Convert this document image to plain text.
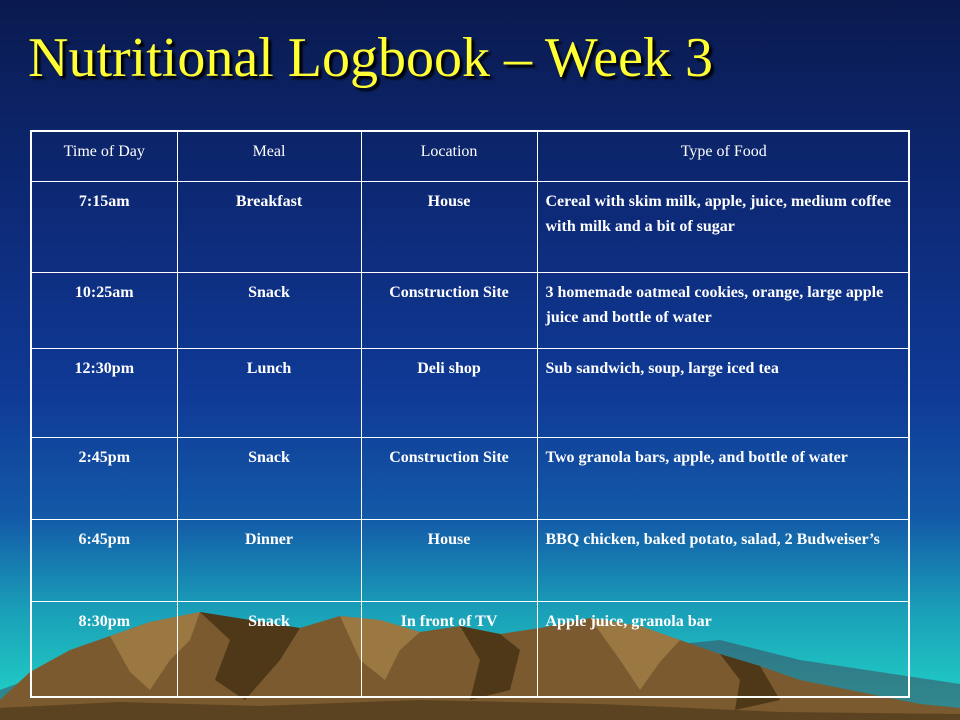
Nutritional Logbook – Week 3
Time of Day	Meal	Location	Type of Food
7:15am	Breakfast	House	Cereal with skim milk, apple, juice, medium coffee with milk and a bit of sugar
10:25am	Snack	Construction Site	3 homemade oatmeal cookies, orange, large apple juice and bottle of water
12:30pm	Lunch	Deli shop	Sub sandwich, soup, large iced tea
2:45pm	Snack	Construction Site	Two granola bars, apple, and bottle of water
6:45pm	Dinner	House	BBQ chicken, baked potato, salad, 2 Budweiser’s
8:30pm	Snack	In front of TV	Apple juice, granola bar
